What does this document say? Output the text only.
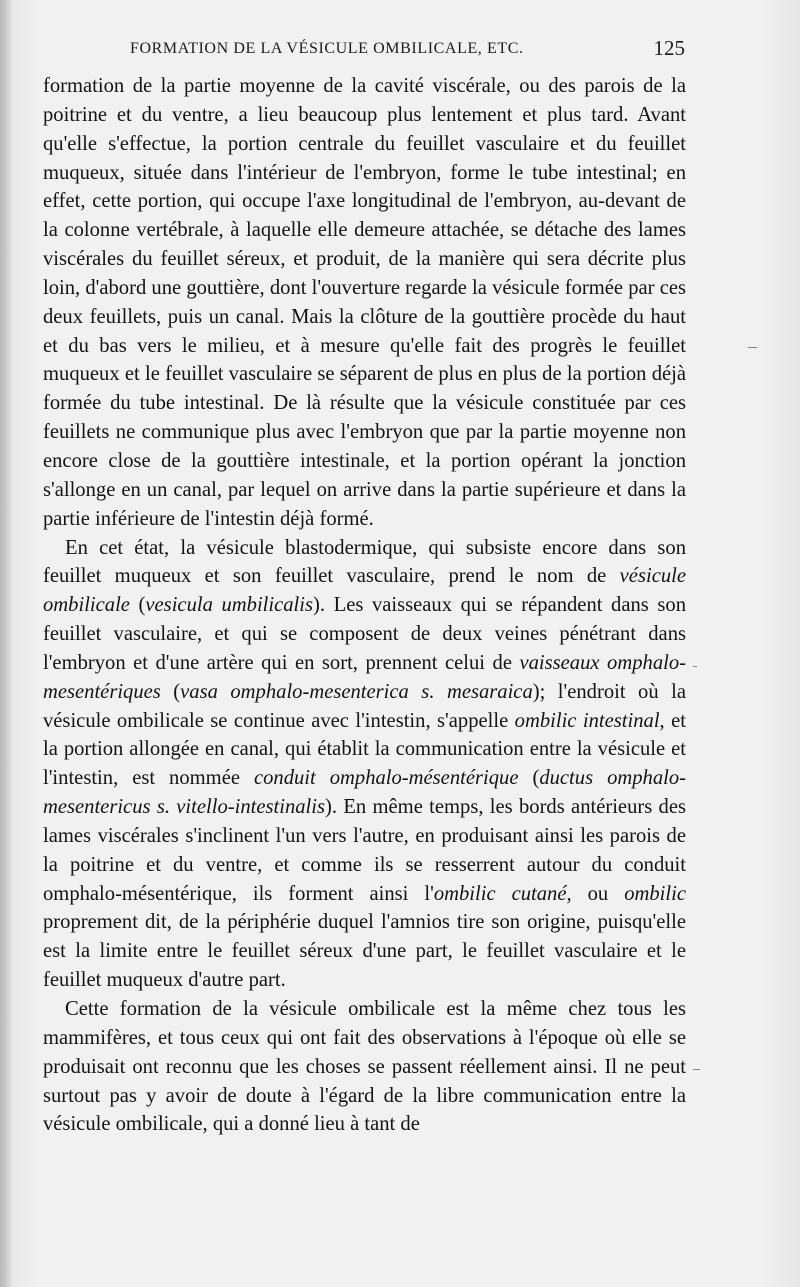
FORMATION DE LA VÉSICULE OMBILICALE, ETC.	125

formation de la partie moyenne de la cavité viscérale, ou des parois de la poitrine et du ventre, a lieu beaucoup plus lentement et plus tard. Avant qu'elle s'effectue, la portion centrale du feuillet vasculaire et du feuillet muqueux, située dans l'intérieur de l'embryon, forme le tube intestinal; en effet, cette portion, qui occupe l'axe longitudinal de l'embryon, au-devant de la colonne vertébrale, à laquelle elle demeure attachée, se détache des lames viscérales du feuillet séreux, et produit, de la manière qui sera décrite plus loin, d'abord une gouttière, dont l'ouverture regarde la vésicule formée par ces deux feuillets, puis un canal. Mais la clôture de la gouttière procède du haut et du bas vers le milieu, et à mesure qu'elle fait des progrès le feuillet muqueux et le feuillet vasculaire se séparent de plus en plus de la portion déjà formée du tube intestinal. De là résulte que la vésicule constituée par ces feuillets ne communique plus avec l'embryon que par la partie moyenne non encore close de la gouttière intestinale, et la portion opérant la jonction s'allonge en un canal, par lequel on arrive dans la partie supérieure et dans la partie inférieure de l'intestin déjà formé.

En cet état, la vésicule blastodermique, qui subsiste encore dans son feuillet muqueux et son feuillet vasculaire, prend le nom de vésicule ombilicale (vesicula umbilicalis). Les vaisseaux qui se répandent dans son feuillet vasculaire, et qui se composent de deux veines pénétrant dans l'embryon et d'une artère qui en sort, prennent celui de vaisseaux omphalo-mesentériques (vasa omphalo-mesenterica s. mesaraica); l'endroit où la vésicule ombilicale se continue avec l'intestin, s'appelle ombilic intestinal, et la portion allongée en canal, qui établit la communication entre la vésicule et l'intestin, est nommée conduit omphalo-mésentérique (ductus omphalo-mesentericus s. vitello-intestinalis). En même temps, les bords antérieurs des lames viscérales s'inclinent l'un vers l'autre, en produisant ainsi les parois de la poitrine et du ventre, et comme ils se resserrent autour du conduit omphalo-mésentérique, ils forment ainsi l'ombilic cutané, ou ombilic proprement dit, de la périphérie duquel l'amnios tire son origine, puisqu'elle est la limite entre le feuillet séreux d'une part, le feuillet vasculaire et le feuillet muqueux d'autre part.

Cette formation de la vésicule ombilicale est la même chez tous les mammifères, et tous ceux qui ont fait des observations à l'époque où elle se produisait ont reconnu que les choses se passent réellement ainsi. Il ne peut surtout pas y avoir de doute à l'égard de la libre communication entre la vésicule ombilicale, qui a donné lieu à tant de
